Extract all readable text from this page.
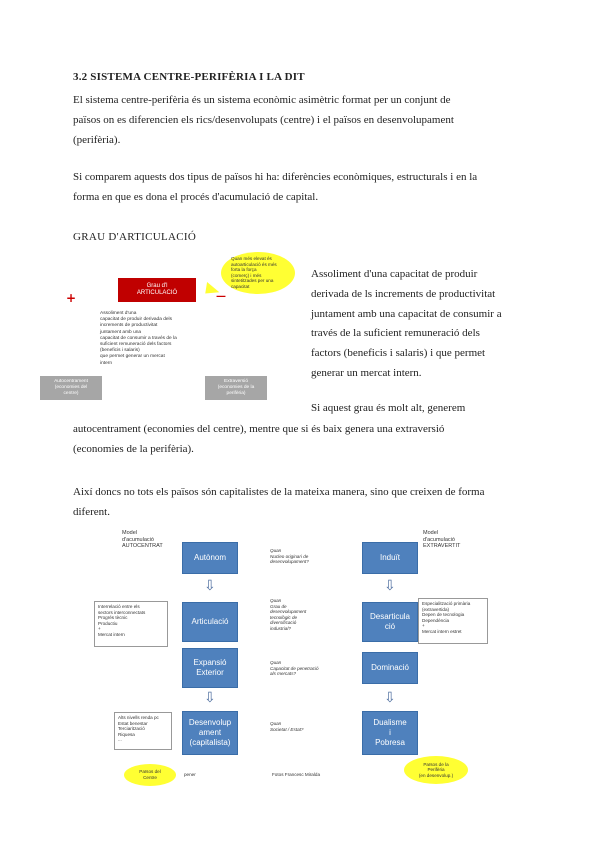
3.2 SISTEMA CENTRE-PERIFÈRIA I LA DIT
El sistema centre-perifèria és un sistema econòmic asimètric format per un conjunt de
països on es diferencien els rics/desenvolupats (centre) i el països en desenvolupament
(perifèria).
Si comparem aquests dos tipus de països hi ha: diferències econòmiques, estructurals i en la
forma en que es dona el procés d'acumulació de capital.
GRAU D'ARTICULACIÓ
+	—
Grau d'l
ARTICULACIÓ
Quan més elevat és
autoarticulació és més
forta la força
(comerç) i més
sintetitzades per una
capacitat
Assoliment d'una
capacitat de produir derivada dels
increments de productivitat
juntament amb una
capacitat de consumir a través de la
suficient remuneració dels factors
(beneficis i salaris)
que permet generar un mercat
intern
Autocentrament
(economies del
centre)
Extraversió
(economies de la
perifèria)
Assoliment d'una capacitat de produir
derivada de ls increments de productivitat
juntament amb una capacitat de consumir a
través de la suficient remuneració dels
factors (beneficis i salaris) i que permet
generar un mercat intern.
Si aquest grau és molt alt, generem
autocentrament (economies del centre), mentre que si és baix genera una extraversió
(economies de la perifèria).
Així doncs no tots els països són capitalistes de la mateixa manera, sino que creixen de forma
diferent.
Model
d'acumulació
AUTOCENTRAT
Model
d'acumulació
EXTRAVERTIT
Autònom
⇩
Articulació
Expansió
Exterior
⇩
Desenvolup
ament
(capitalista)
Induït
⇩
Desarticula
ció
Dominació
⇩
Dualisme
i
Pobresa
Quan
Nucleo originari de
desenvolupament?
Quan
Grau de
desenvolupament
tecnològic de
diversificació
industrial?
Quan
Capacitat de penetració
als mercats?
Quan
Societat / Estat?
Interrelació entre els
sectors interconnectats
Progrés tècnic
Productiu
+
Mercat intern
Alts nivells renda pc
Estat benestar
Terciarització
Riquesa
...
Especialització primària
(extravertida)
Depen de tecnologia
Dependència
+
Mercat intern estret
Països del
Centre
Països de la
Perifèria
(en desenvolup.)
pener	Fotos Francesc Miralda
